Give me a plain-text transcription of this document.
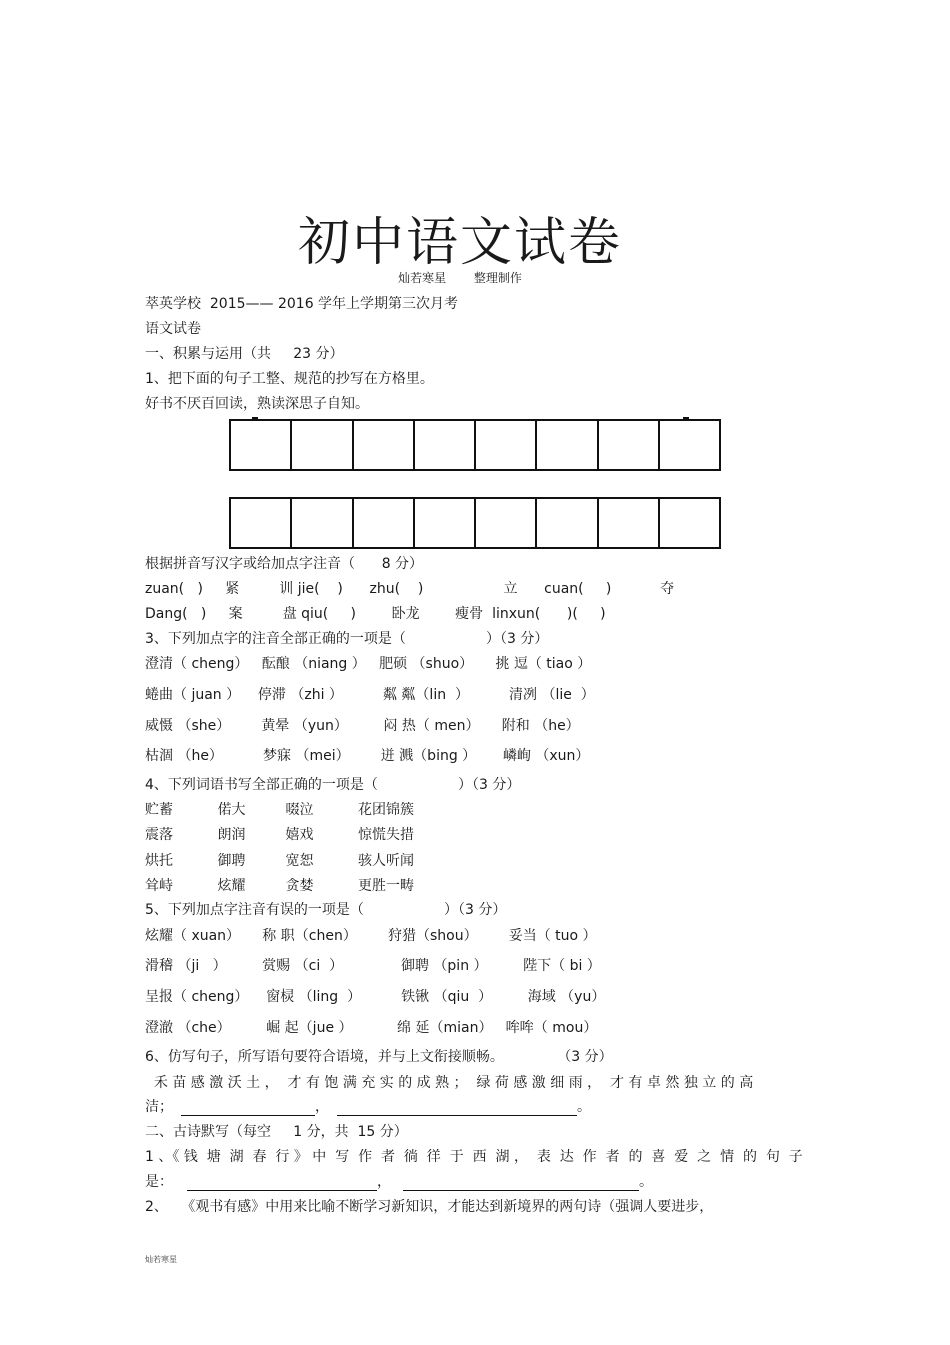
初中语文试卷
灿若寒星 整理制作
萃英学校  2015—— 2016 学年上学期第三次月考
语文试卷
一、积累与运用（共     23 分）
1、把下面的句子工整、规范的抄写在方格里。
好书不厌百回读，熟读深思子自知。
根据拼音写汉字或给加点字注音（      8 分）
zuan(   )     紧         训 jie(    )      zhu(    )                  立      cuan(     )           夺
Dang(   )     案         盘 qiu(     )        卧龙        瘦骨  linxun(      )(     )
3、下列加点字的注音全部正确的一项是（                  ）（3 分）
澄清（ cheng）   酝酿 （niang ）   肥硕 （shuo）     挑 逗（ tiao ）
蜷曲（ juan ）    停滞 （zhi ）         粼 粼（lin  ）         清冽 （lie  ）
威慑 （she）       黄晕 （yun）        闷 热（ men）     附和 （he）
枯涸 （he）         梦寐 （mei）       迸 溅（bing ）      嶙峋 （xun）
4、下列词语书写全部正确的一项是（                  ）（3 分）
贮蓄          偌大         啜泣          花团锦簇
震落          朗润         嬉戏          惊慌失措
烘托          御聘         宽恕          骇人听闻
耸峙          炫耀         贪婪          更胜一畴
5、下列加点字注音有误的一项是（                  ）（3 分）
炫耀（ xuan）     称 职（chen）       狩猎（shou）       妥当（ tuo ）
滑稽 （ji   ）        赏赐 （ci  ）             御聘 （pin ）        陛下（ bi ）
呈报（ cheng）    窗棂 （ling  ）         铁锹 （qiu  ）        海域 （yu）
澄澈 （che）        崛 起（jue ）          绵 延（mian）   哞哞（ mou）
6、仿写句子，所写语句要符合语境，并与上文衔接顺畅。            （3 分）
禾 苗 感 激 沃 土 ，  才 有 饱 满 充 实 的 成 熟 ；  绿 荷 感 激 细 雨 ，  才 有 卓 然 独 立 的 高
洁；	，	。
二、古诗默写（每空     1 分，共  15 分）
1 、《 钱  塘  湖  春  行 》 中  写  作  者  徜  徉  于  西  湖 ，  表  达  作  者  的  喜  爱  之  情  的  句  子
是：	，	。
2、   《观书有感》中用来比喻不断学习新知识，才能达到新境界的两句诗（强调人要进步，
灿若寒星
